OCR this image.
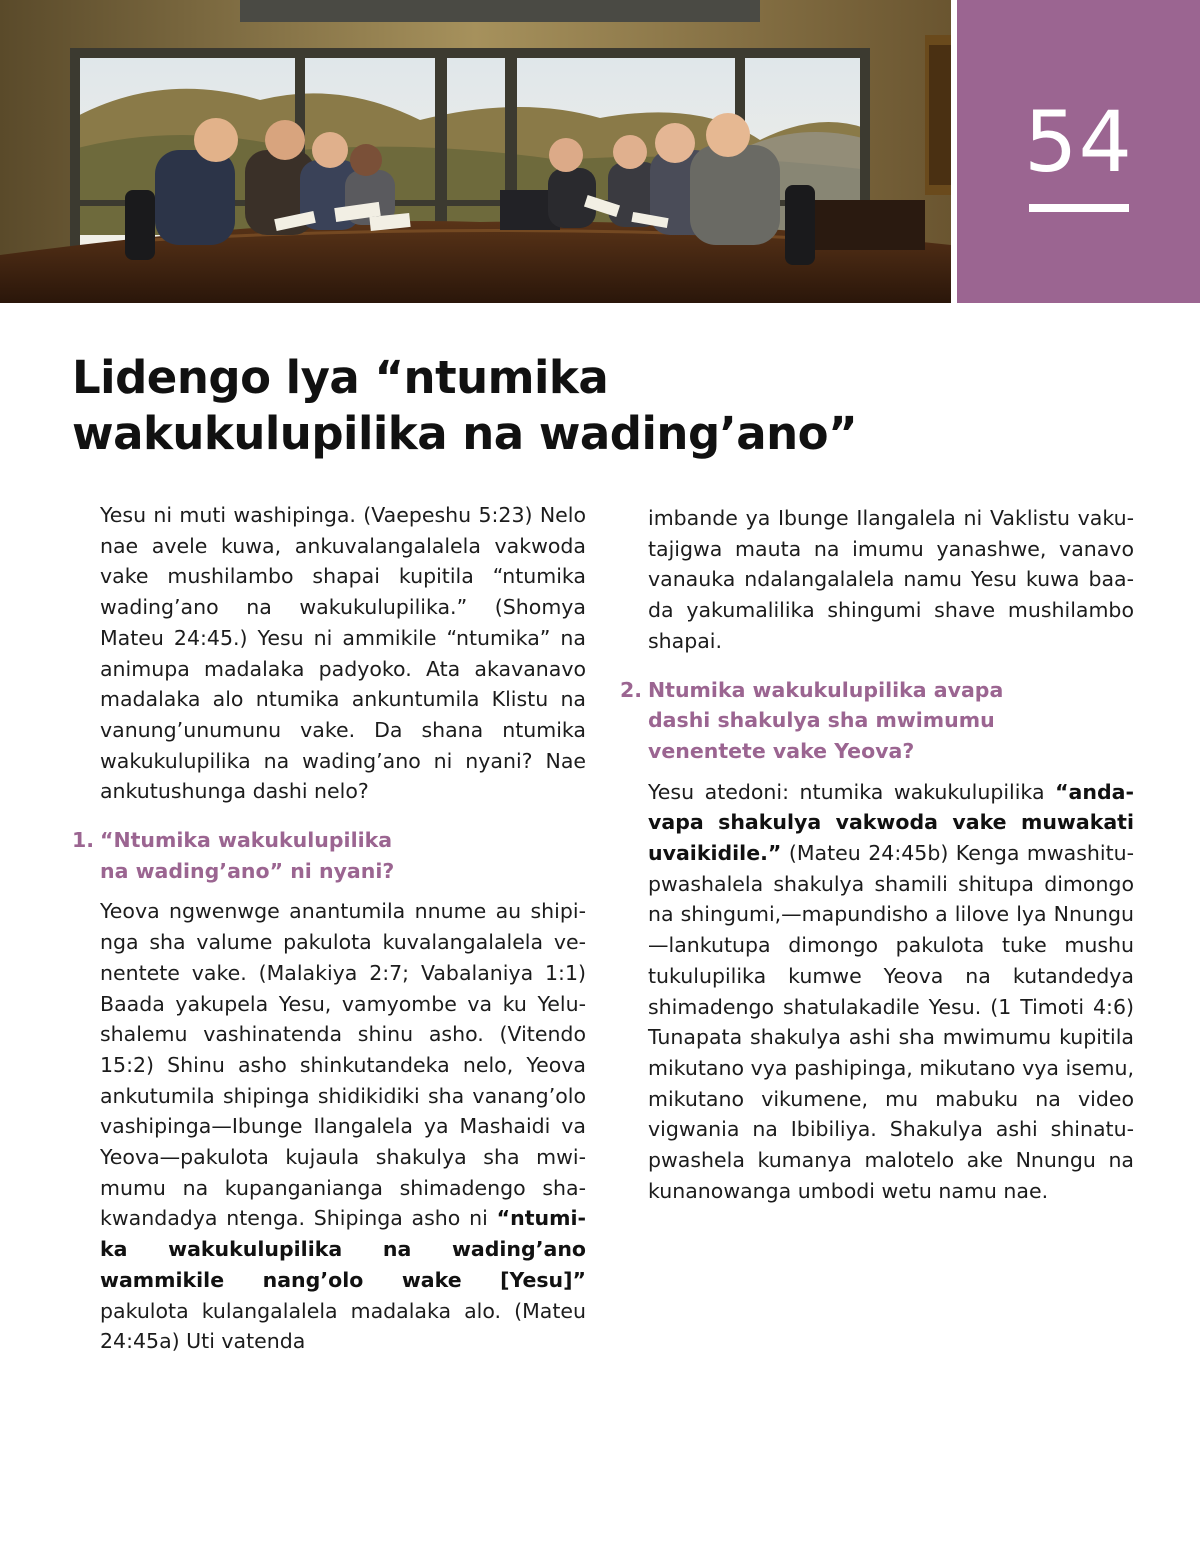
54
Lidengo lya “ntumika
wakukulupilika na wading’ano”

Yesu ni muti washipinga. (Vaepeshu 5:23) Nelo nae avele kuwa, ankuvalangalalela vakwoda vake mushilambo shapai kupitila “ntumika wading’ano na wakukulupilika.” (Shomya Mateu 24:45.) Yesu ni ammikile “ntumika” na animupa madalaka padyoko. Ata akavanavo madalaka alo ntumika ankuntumila Klistu na vanung’unumunu vake. Da shana ntumika wakukulupilika na wading’ano ni nyani? Nae ankutushunga dashi nelo?

1. “Ntumika wakukulupilika
na wading’ano” ni nyani?

Yeova ngwenwge anantumila nnume au shipinga sha valume pakulota kuvalangalalela venentete vake. (Malakiya 2:7; Vabalaniya 1:1) Baada yakupela Yesu, vamyombe va ku Yelushalemu vashinatenda shinu asho. (Vitendo 15:2) Shinu asho shinkutandeka nelo, Yeova ankutumila shipinga shidikidiki sha vanang’olo vashipinga—Ibunge Ilangalela ya Mashaidi va Yeova—pakulota kujaula shakulya sha mwimumu na kupanganianga shimadengo shakwandadya ntenga. Shipinga asho ni “ntumika wakukulupilika na wading’ano wammikile nang’olo wake [Yesu]” pakulota kulangalalela madalaka alo. (Mateu 24:45a) Uti vatenda

imbande ya Ibunge Ilangalela ni Vaklistu vakutajigwa mauta na imumu yanashwe, vanavo vanauka ndalangalalela namu Yesu kuwa baada yakumalilika shingumi shave mushilambo shapai.

2. Ntumika wakukulupilika avapa
dashi shakulya sha mwimumu
venentete vake Yeova?

Yesu atedoni: ntumika wakukulupilika “andavapa shakulya vakwoda vake muwakati uvaikidile.” (Mateu 24:45b) Kenga mwashitupwashalela shakulya shamili shitupa dimongo na shingumi,—mapundisho a lilove lya Nnungu—lankutupa dimongo pakulota tuke mushu tukulupilika kumwe Yeova na kutandedya shimadengo shatulakadile Yesu. (1 Timoti 4:6) Tunapata shakulya ashi sha mwimumu kupitila mikutano vya pashipinga, mikutano vya isemu, mikutano vikumene, mu mabuku na video vigwania na Ibibiliya. Shakulya ashi shinatupwashela kumanya malotelo ake Nnungu na kunanowanga umbodi wetu namu nae.
